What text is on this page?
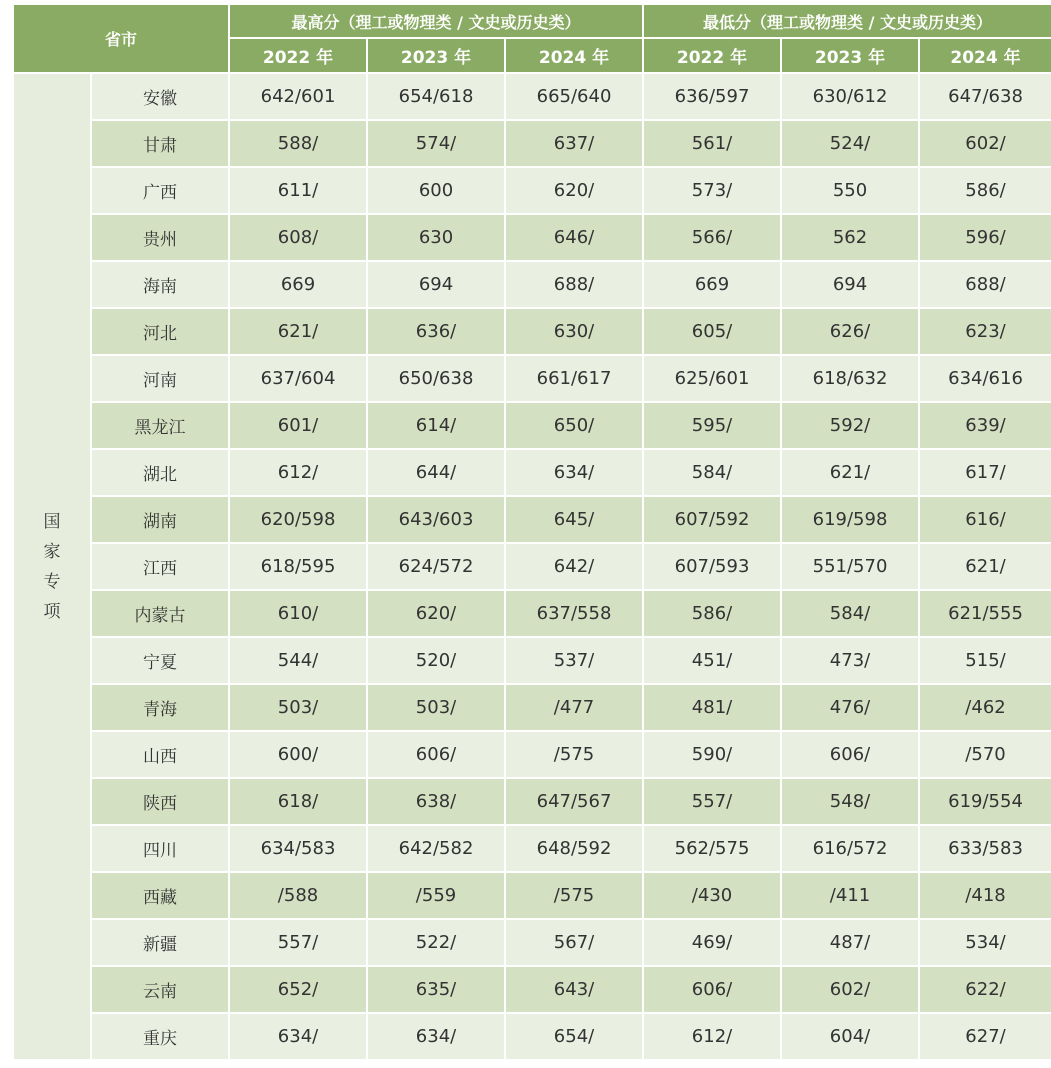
省市		最高分（理工或物理类 / 文史或历史类）			最低分（理工或物理类 / 文史或历史类）		
		2022 年	2023 年	2024 年	2022 年	2023 年	2024 年
国家专项	安徽	642/601	654/618	665/640	636/597	630/612	647/638
	甘肃	588/	574/	637/	561/	524/	602/
	广西	611/	600	620/	573/	550	586/
	贵州	608/	630	646/	566/	562	596/
	海南	669	694	688/	669	694	688/
	河北	621/	636/	630/	605/	626/	623/
	河南	637/604	650/638	661/617	625/601	618/632	634/616
	黑龙江	601/	614/	650/	595/	592/	639/
	湖北	612/	644/	634/	584/	621/	617/
	湖南	620/598	643/603	645/	607/592	619/598	616/
	江西	618/595	624/572	642/	607/593	551/570	621/
	内蒙古	610/	620/	637/558	586/	584/	621/555
	宁夏	544/	520/	537/	451/	473/	515/
	青海	503/	503/	/477	481/	476/	/462
	山西	600/	606/	/575	590/	606/	/570
	陕西	618/	638/	647/567	557/	548/	619/554
	四川	634/583	642/582	648/592	562/575	616/572	633/583
	西藏	/588	/559	/575	/430	/411	/418
	新疆	557/	522/	567/	469/	487/	534/
	云南	652/	635/	643/	606/	602/	622/
	重庆	634/	634/	654/	612/	604/	627/
